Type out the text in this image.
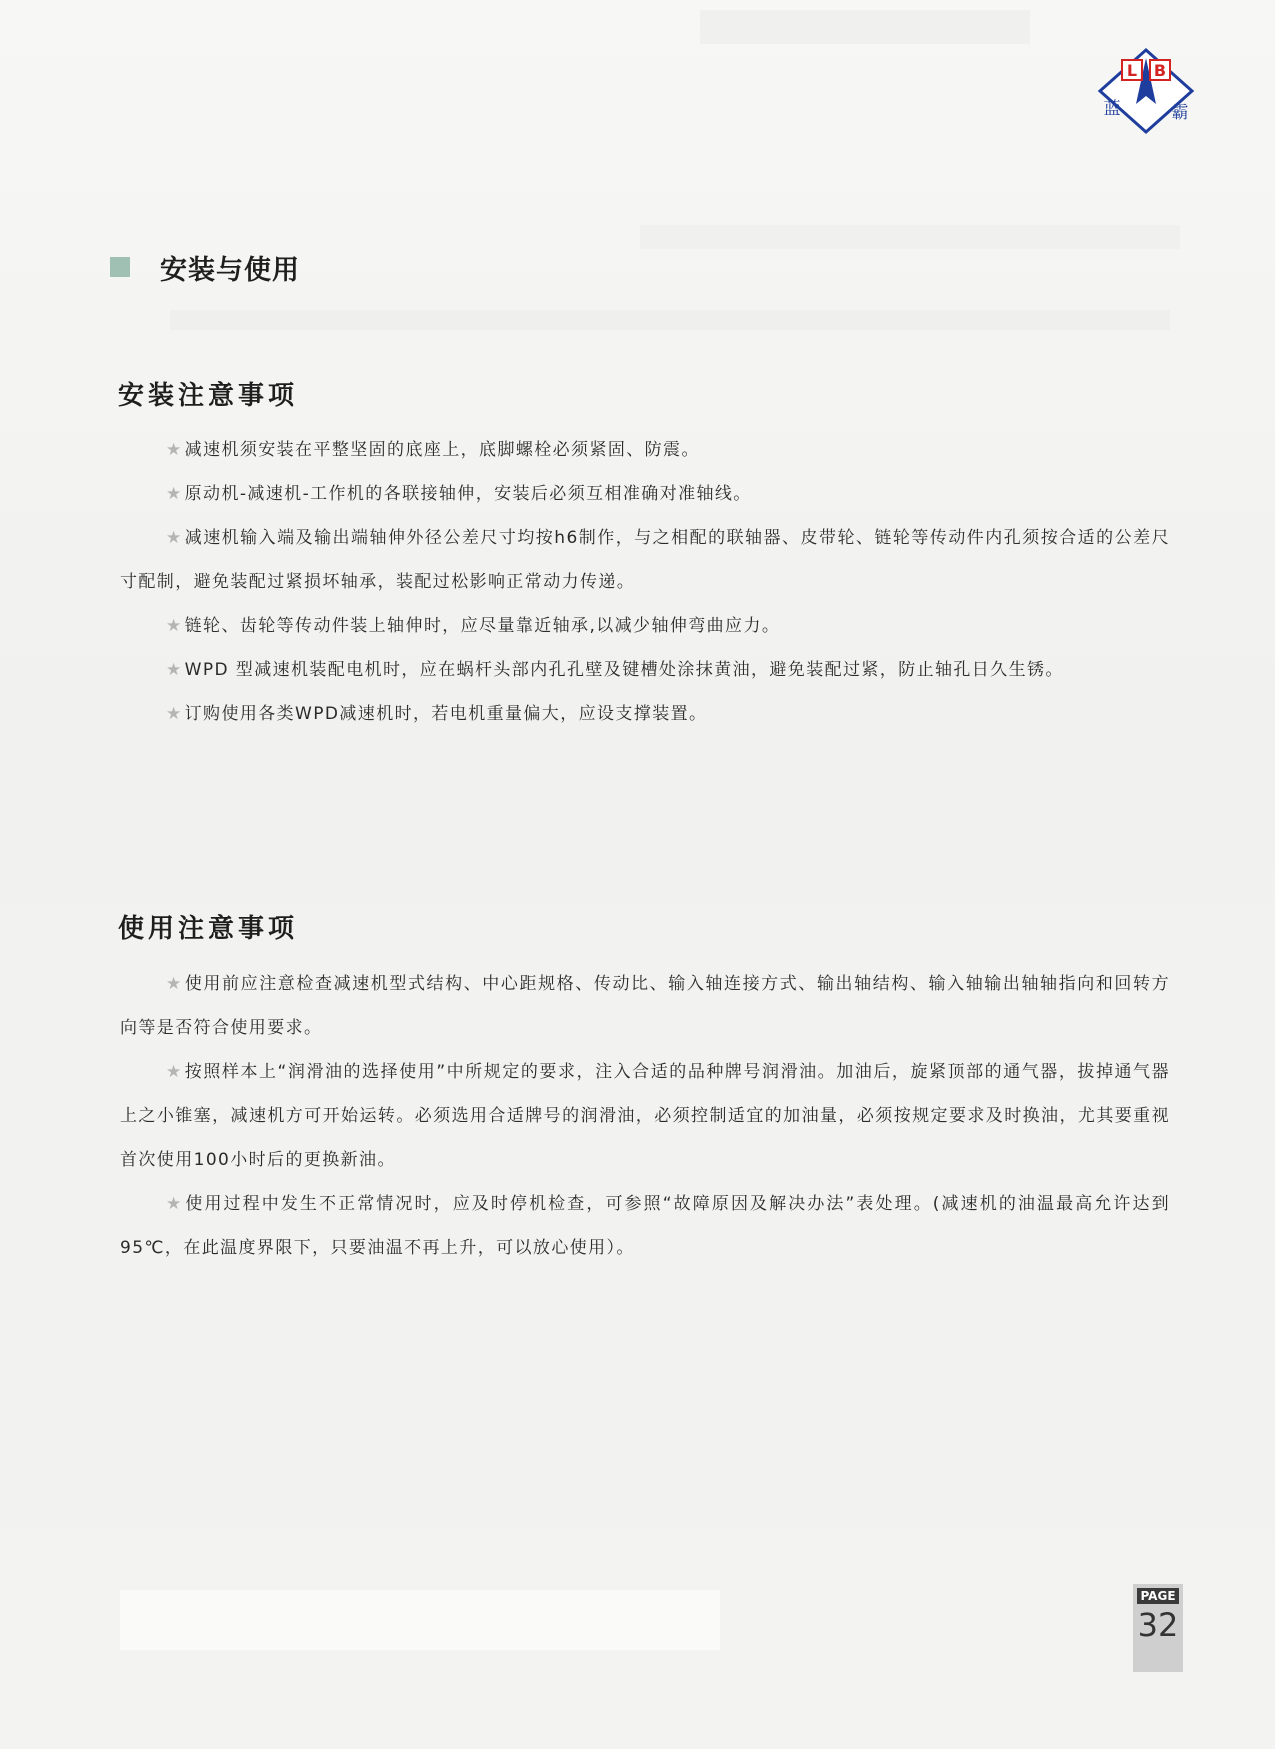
L B
蓝	霸
安装与使用
安装注意事项

★ 减速机须安装在平整坚固的底座上，底脚螺栓必须紧固、防震。

★ 原动机-减速机-工作机的各联接轴伸，安装后必须互相准确对准轴线。

★ 减速机输入端及输出端轴伸外径公差尺寸均按h6制作，与之相配的联轴器、皮带轮、链轮等传动件内孔须按合适的公差尺寸配制，避免装配过紧损坏轴承，装配过松影响正常动力传递。

★ 链轮、齿轮等传动件装上轴伸时，应尽量靠近轴承,以减少轴伸弯曲应力。

★ WPD 型减速机装配电机时，应在蜗杆头部内孔孔壁及键槽处涂抹黄油，避免装配过紧，防止轴孔日久生锈。

★ 订购使用各类WPD减速机时，若电机重量偏大，应设支撑装置。

使用注意事项

★ 使用前应注意检查减速机型式结构、中心距规格、传动比、输入轴连接方式、输出轴结构、输入轴输出轴轴指向和回转方向等是否符合使用要求。

★ 按照样本上“润滑油的选择使用”中所规定的要求，注入合适的品种牌号润滑油。加油后，旋紧顶部的通气器，拔掉通气器上之小锥塞，减速机方可开始运转。必须选用合适牌号的润滑油，必须控制适宜的加油量，必须按规定要求及时换油，尤其要重视首次使用100小时后的更换新油。

★ 使用过程中发生不正常情况时，应及时停机检查，可参照“故障原因及解决办法”表处理。(减速机的油温最高允许达到95℃，在此温度界限下，只要油温不再上升，可以放心使用）。

PAGE
32
